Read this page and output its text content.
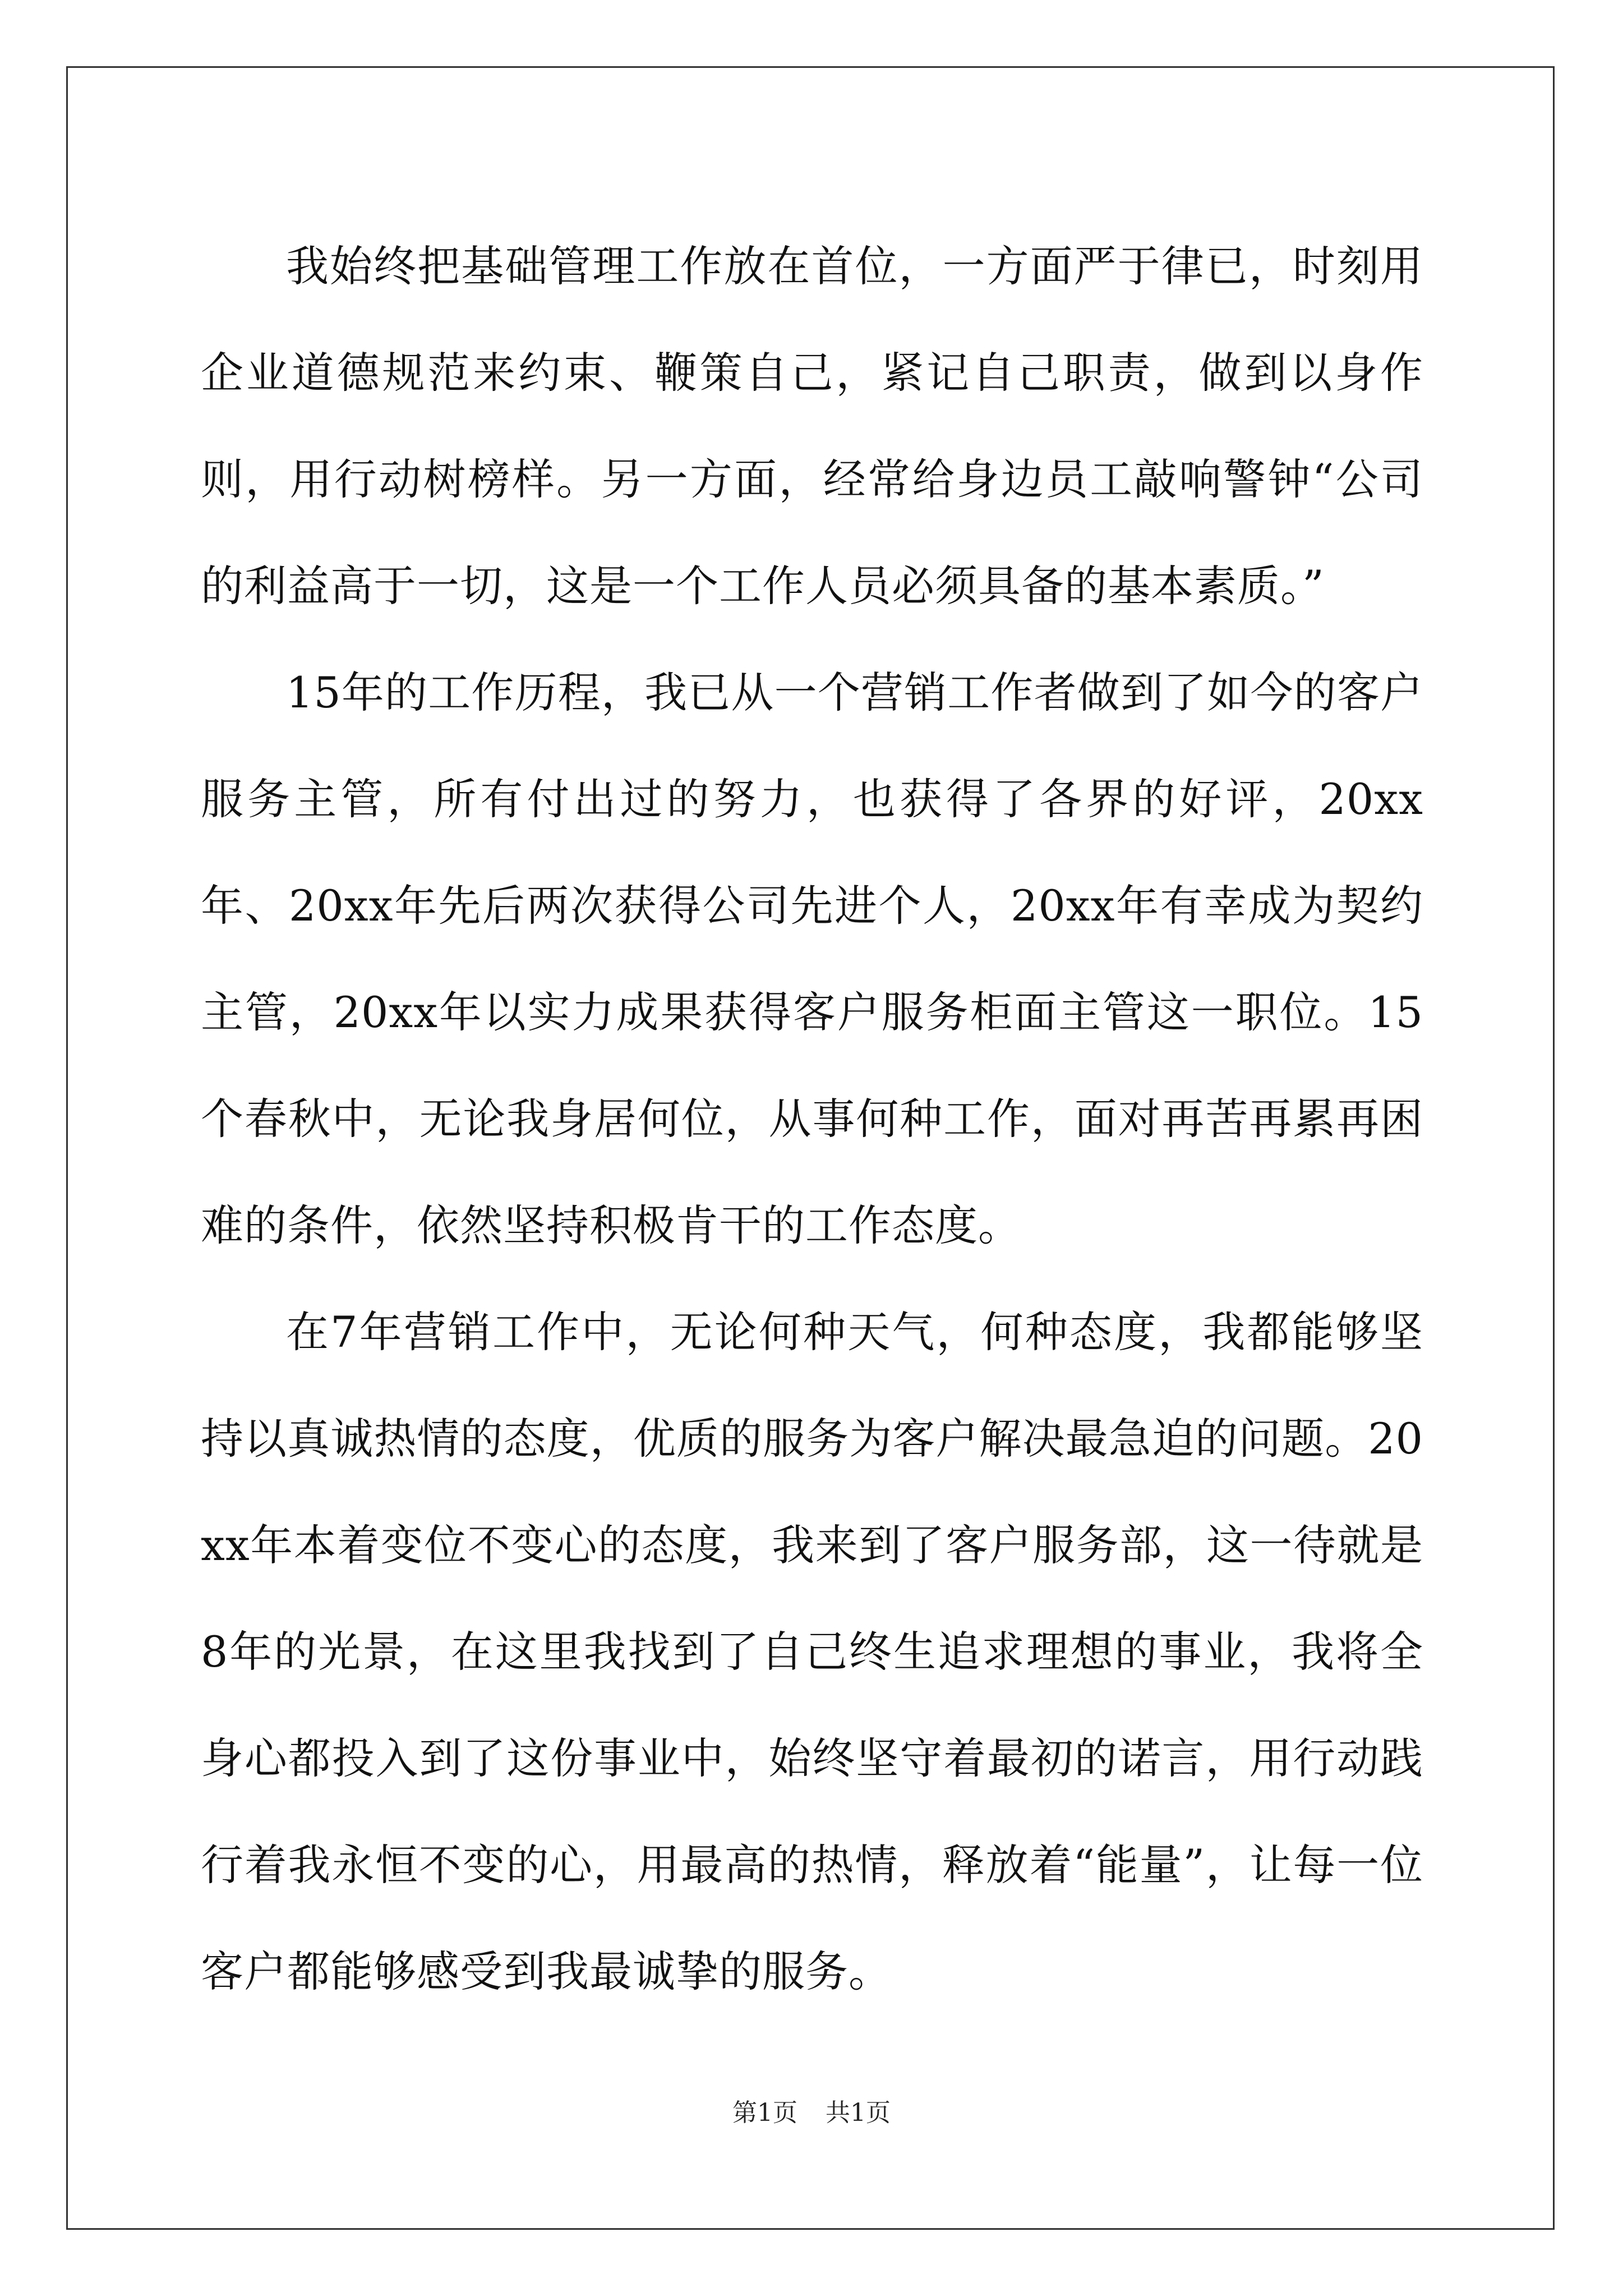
我始终把基础管理工作放在首位，一方面严于律已，时刻用企业道德规范来约束、鞭策自己，紧记自己职责，做到以身作则，用行动树榜样。另一方面，经常给身边员工敲响警钟“公司的利益高于一切，这是一个工作人员必须具备的基本素质。”

15年的工作历程，我已从一个营销工作者做到了如今的客户服务主管，所有付出过的努力，也获得了各界的好评，20xx年、20xx年先后两次获得公司先进个人，20xx年有幸成为契约主管，20xx年以实力成果获得客户服务柜面主管这一职位。15个春秋中，无论我身居何位，从事何种工作，面对再苦再累再困难的条件，依然坚持积极肯干的工作态度。

在7年营销工作中，无论何种天气，何种态度，我都能够坚持以真诚热情的态度，优质的服务为客户解决最急迫的问题。20xx年本着变位不变心的态度，我来到了客户服务部，这一待就是8年的光景，在这里我找到了自己终生追求理想的事业，我将全身心都投入到了这份事业中，始终坚守着最初的诺言，用行动践行着我永恒不变的心，用最高的热情，释放着“能量”，让每一位客户都能够感受到我最诚挚的服务。

第1页 共1页
